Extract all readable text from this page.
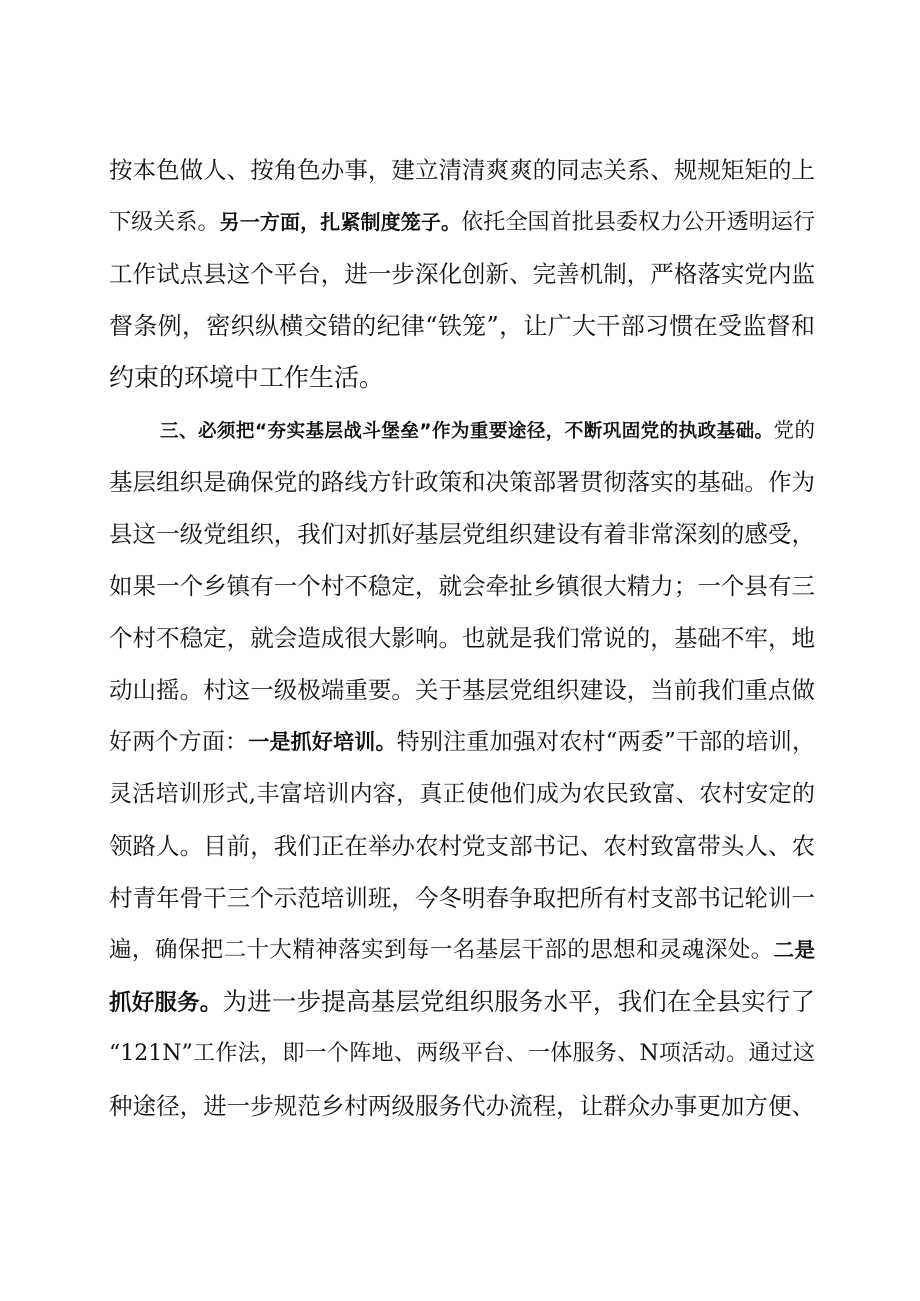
按本色做人、按角色办事，建立清清爽爽的同志关系、规规矩矩的上
下级关系。另一方面，扎紧制度笼子。依托全国首批县委权力公开透明运行
工作试点县这个平台，进一步深化创新、完善机制，严格落实党内监
督条例，密织纵横交错的纪律“铁笼”，让广大干部习惯在受监督和
约束的环境中工作生活。
三、必须把“夯实基层战斗堡垒”作为重要途径，不断巩固党的执政基础。党的
基层组织是确保党的路线方针政策和决策部署贯彻落实的基础。作为
县这一级党组织，我们对抓好基层党组织建设有着非常深刻的感受，
如果一个乡镇有一个村不稳定，就会牵扯乡镇很大精力；一个县有三
个村不稳定，就会造成很大影响。也就是我们常说的，基础不牢，地
动山摇。村这一级极端重要。关于基层党组织建设，当前我们重点做
好两个方面：一是抓好培训。特别注重加强对农村“两委”干部的培训，
灵活培训形式,丰富培训内容，真正使他们成为农民致富、农村安定的
领路人。目前，我们正在举办农村党支部书记、农村致富带头人、农
村青年骨干三个示范培训班，今冬明春争取把所有村支部书记轮训一
遍，确保把二十大精神落实到每一名基层干部的思想和灵魂深处。二是
抓好服务。为进一步提高基层党组织服务水平，我们在全县实行了
“121N”工作法，即一个阵地、两级平台、一体服务、N项活动。通过这
种途径，进一步规范乡村两级服务代办流程，让群众办事更加方便、
